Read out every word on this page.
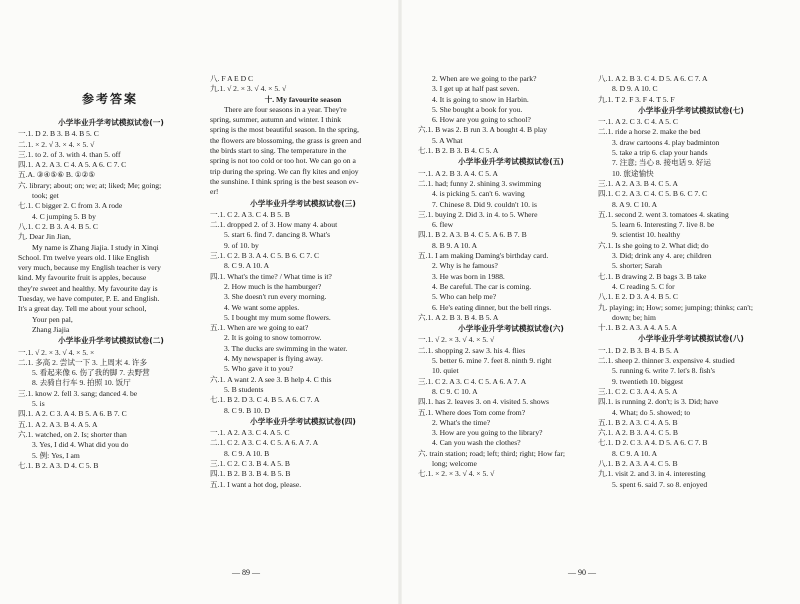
参考答案
小学毕业升学考试模拟试卷(一)
一.1. D 2. B 3. B 4. B 5. C
二.1. × 2. √ 3. × 4. × 5. √
三.1. to 2. of 3. with 4. than 5. off
四.1. A 2. A 3. C 4. A 5. A 6. C 7. C
五.A. ③④⑤⑥ B. ①②⑤
六. library; about; on; we; at; liked; Me; going;
took; get
七.1. C bigger 2. C from 3. A rode
4. C jumping 5. B by
八.1. C 2. B 3. A 4. B 5. C
九. Dear Jin Jian,
My name is Zhang Jiajia. I study in Xinqi
School. I'm twelve years old. I like English
very much, because my English teacher is very
kind. My favourite fruit is apples, because
they're sweet and healthy. My favourite day is
Tuesday, we have computer, P. E. and English.
It's a great day. Tell me about your school,
Your pen pal,
Zhang Jiajia
小学毕业升学考试模拟试卷(二)
一.1. √ 2. × 3. √ 4. × 5. ×
二.1. 多高 2. 尝试一下 3. 上周末 4. 许多
5. 看起来像 6. 伤了我的脚 7. 去野营
8. 去骑自行车 9. 拍照 10. 饭厅
三.1. know 2. fell 3. sang; danced 4. be
5. is
四.1. A 2. C 3. A 4. B 5. A 6. B 7. C
五.1. A 2. A 3. B 4. A 5. A
六.1. watched, on 2. Is; shorter than
3. Yes, I did 4. What did you do
5. 例: Yes, I am
七.1. B 2. A 3. D 4. C 5. B
八. F A E D C
九.1. √ 2. × 3. √ 4. × 5. √
十. My favourite season
There are four seasons in a year. They're
spring, summer, autumn and winter. I think
spring is the most beautiful season. In the spring,
the flowers are blossoming, the grass is green and
the birds start to sing. The temperature in the
spring is not too cold or too hot. We can go on a
trip during the spring. We can fly kites and enjoy
the sunshine. I think spring is the best season ev-
er!
小学毕业升学考试模拟试卷(三)
一.1. C 2. A 3. C 4. B 5. B
二.1. dropped 2. of 3. How many 4. about
5. start 6. find 7. dancing 8. What's
9. of 10. by
三.1. C 2. B 3. A 4. C 5. B 6. C 7. C
8. C 9. A 10. A
四.1. What's the time? / What time is it?
2. How much is the hamburger?
3. She doesn't run every morning.
4. We want some apples.
5. I bought my mum some flowers.
五.1. When are we going to eat?
2. It is going to snow tomorrow.
3. The ducks are swimming in the water.
4. My newspaper is flying away.
5. Who gave it to you?
六.1. A want 2. A see 3. B help 4. C this
5. B students
七.1. B 2. D 3. C 4. B 5. A 6. C 7. A
8. C 9. B 10. D
小学毕业升学考试模拟试卷(四)
一.1. A 2. A 3. C 4. A 5. C
二.1. C 2. A 3. C 4. C 5. A 6. A 7. A
8. C 9. A 10. B
三.1. C 2. C 3. B 4. A 5. B
四.1. B 2. B 3. B 4. B 5. B
五.1. I want a hot dog, please.
2. When are we going to the park?
3. I get up at half past seven.
4. It is going to snow in Harbin.
5. She bought a book for you.
6. How are you going to school?
六.1. B was 2. B run 3. A bought 4. B play
5. A What
七.1. B 2. B 3. B 4. C 5. A
小学毕业升学考试模拟试卷(五)
一.1. A 2. B 3. A 4. C 5. A
二.1. had; funny 2. shining 3. swimming
4. is picking 5. can't 6. waving
7. Chinese 8. Did 9. couldn't 10. is
三.1. buying 2. Did 3. in 4. to 5. Where
6. flew
四.1. B 2. A 3. B 4. C 5. A 6. B 7. B
8. B 9. A 10. A
五.1. I am making Daming's birthday card.
2. Why is he famous?
3. He was born in 1988.
4. Be careful. The car is coming.
5. Who can help me?
6. He's eating dinner, but the bell rings.
六.1. A 2. B 3. B 4. B 5. A
小学毕业升学考试模拟试卷(六)
一.1. √ 2. × 3. √ 4. × 5. √
二.1. shopping 2. saw 3. his 4. flies
5. better 6. mine 7. feet 8. ninth 9. right
10. quiet
三.1. C 2. A 3. C 4. C 5. A 6. A 7. A
8. C 9. C 10. A
四.1. has 2. leaves 3. on 4. visited 5. shows
五.1. Where does Tom come from?
2. What's the time?
3. How are you going to the library?
4. Can you wash the clothes?
六. train station; road; left; third; right; How far;
long; welcome
七.1. × 2. × 3. √ 4. × 5. √
八.1. A 2. B 3. C 4. D 5. A 6. C 7. A
8. D 9. A 10. C
九.1. T 2. F 3. F 4. T 5. F
小学毕业升学考试模拟试卷(七)
一.1. A 2. C 3. C 4. A 5. C
二.1. ride a horse 2. make the bed
3. draw cartoons 4. play badminton
5. take a trip 6. clap your hands
7. 注意; 当心 8. 接电话 9. 好运
10. 旅途愉快
三.1. A 2. A 3. B 4. C 5. A
四.1. C 2. A 3. C 4. C 5. B 6. C 7. C
8. A 9. C 10. A
五.1. second 2. went 3. tomatoes 4. skating
5. learn 6. Interesting 7. live 8. be
9. scientist 10. healthy
六.1. Is she going to 2. What did; do
3. Did; drink any 4. are; children
5. shorter; Sarah
七.1. B drawing 2. B bags 3. B take
4. C reading 5. C for
八.1. E 2. D 3. A 4. B 5. C
九. playing; in; How; some; jumping; thinks; can't;
down; be; him
十.1. B 2. A 3. A 4. A 5. A
小学毕业升学考试模拟试卷(八)
一.1. D 2. B 3. B 4. B 5. A
二.1. sheep 2. thinner 3. expensive 4. studied
5. running 6. write 7. let's 8. fish's
9. twentieth 10. biggest
三.1. C 2. C 3. A 4. A 5. A
四.1. is running 2. don't; is 3. Did; have
4. What; do 5. showed; to
五.1. B 2. A 3. C 4. A 5. B
六.1. A 2. B 3. A 4. C 5. B
七.1. D 2. C 3. A 4. D 5. A 6. C 7. B
8. C 9. A 10. A
八.1. B 2. A 3. A 4. C 5. B
九.1. visit 2. and 3. in 4. interesting
5. spent 6. said 7. so 8. enjoyed
— 89 —	— 90 —
